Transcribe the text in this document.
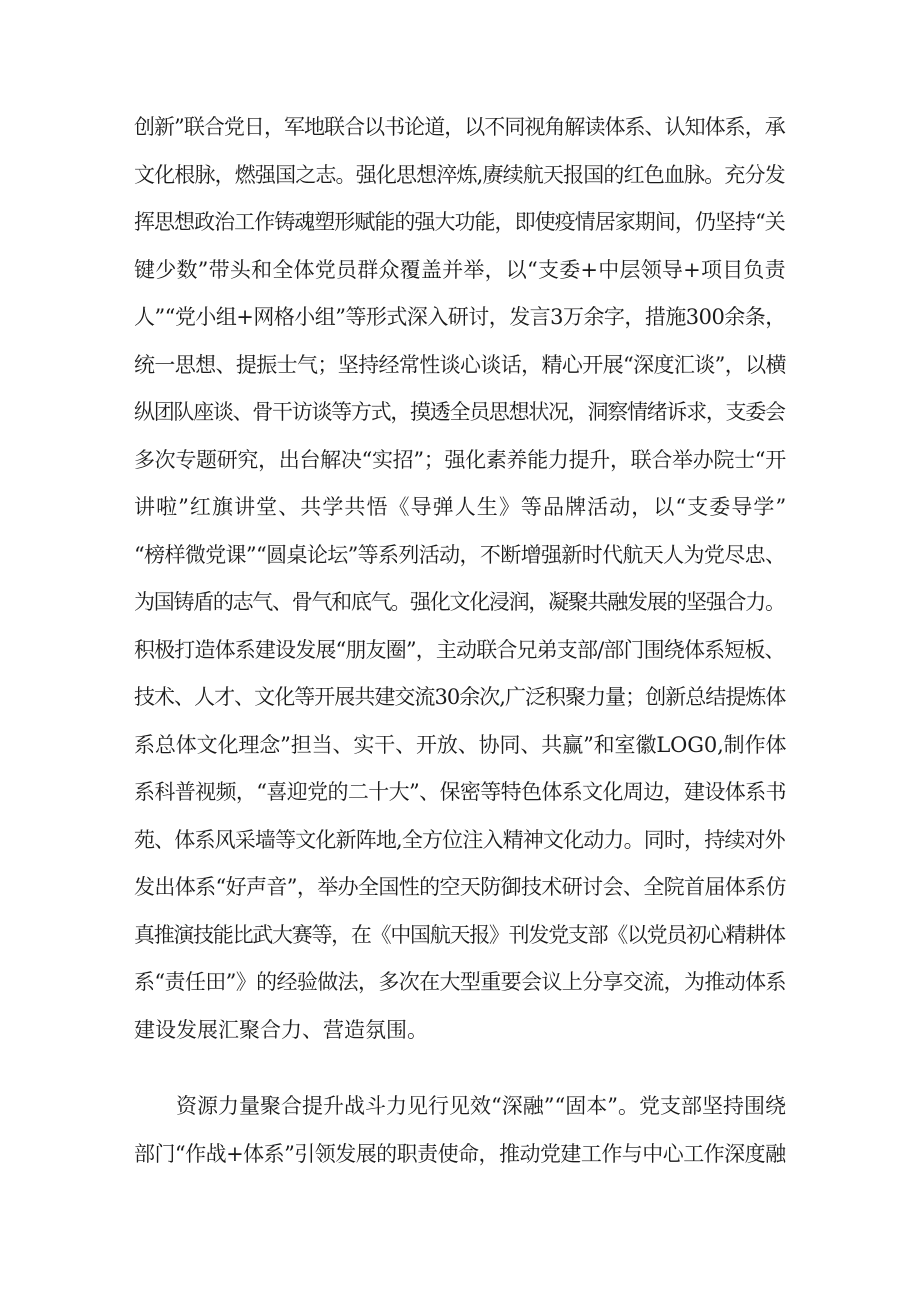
创新”联合党日，军地联合以书论道，以不同视角解读体系、认知体系，承
文化根脉，燃强国之志。强化思想淬炼,赓续航天报国的红色血脉。充分发
挥思想政治工作铸魂塑形赋能的强大功能，即使疫情居家期间，仍坚持“关
键少数”带头和全体党员群众覆盖并举，以“支委+中层领导+项目负责
人”“党小组+网格小组”等形式深入研讨，发言3万余字，措施300余条，
统一思想、提振士气；坚持经常性谈心谈话，精心开展“深度汇谈”，以横
纵团队座谈、骨干访谈等方式，摸透全员思想状况，洞察情绪诉求，支委会
多次专题研究，出台解决“实招”；强化素养能力提升，联合举办院士“开
讲啦”红旗讲堂、共学共悟《导弹人生》等品牌活动，以“支委导学”
“榜样微党课”“圆桌论坛”等系列活动，不断增强新时代航天人为党尽忠、
为国铸盾的志气、骨气和底气。强化文化浸润，凝聚共融发展的坚强合力。
积极打造体系建设发展“朋友圈”，主动联合兄弟支部/部门围绕体系短板、
技术、人才、文化等开展共建交流30余次,广泛积聚力量；创新总结提炼体
系总体文化理念”担当、实干、开放、协同、共赢”和室徽LOG0,制作体
系科普视频，“喜迎党的二十大”、保密等特色体系文化周边，建设体系书
苑、体系风采墙等文化新阵地,全方位注入精神文化动力。同时，持续对外
发出体系“好声音”，举办全国性的空天防御技术研讨会、全院首届体系仿
真推演技能比武大赛等，在《中国航天报》刊发党支部《以党员初心精耕体
系“责任田”》的经验做法，多次在大型重要会议上分享交流，为推动体系
建设发展汇聚合力、营造氛围。
资源力量聚合提升战斗力见行见效“深融”“固本”。党支部坚持围绕
部门“作战+体系”引领发展的职责使命，推动党建工作与中心工作深度融
